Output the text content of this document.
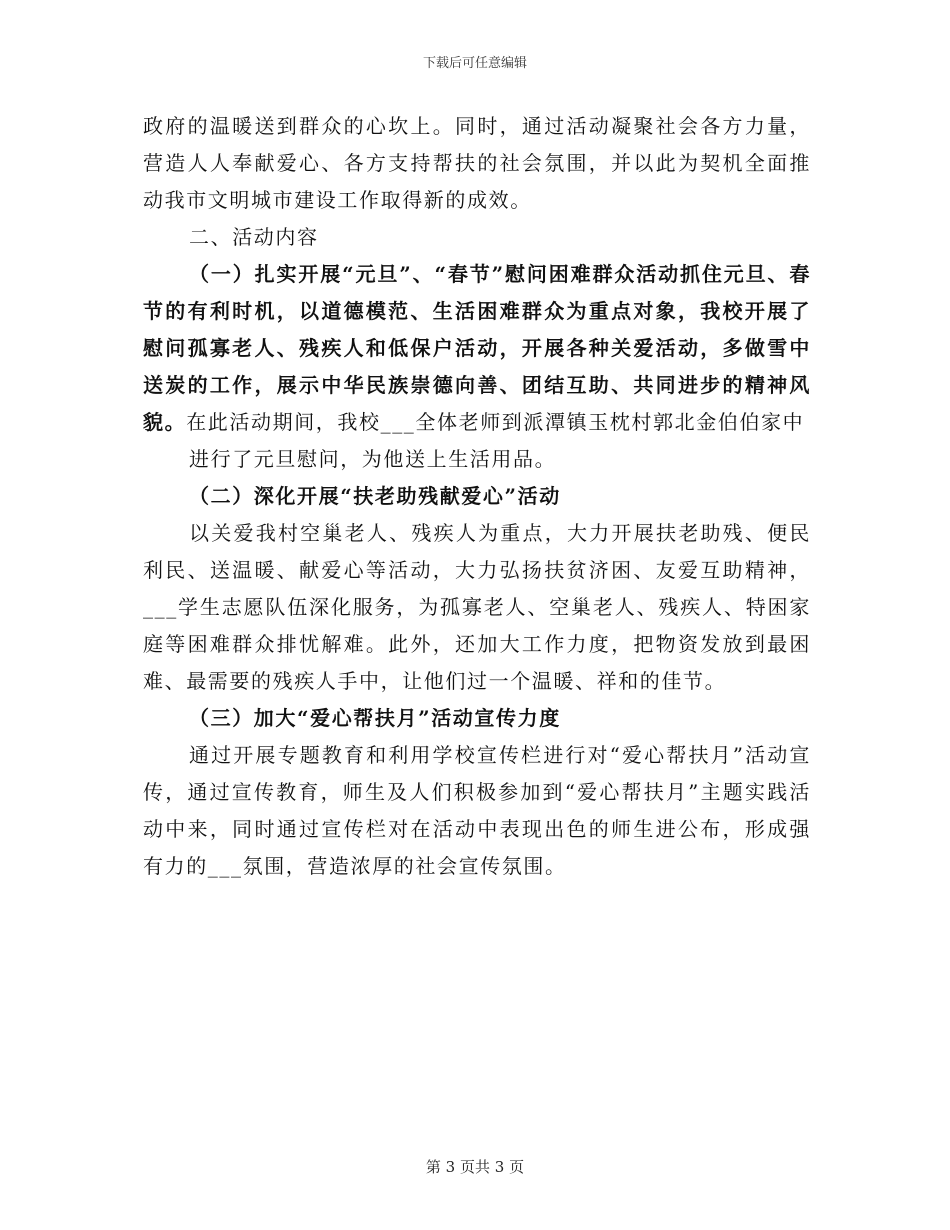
下载后可任意编辑

政府的温暖送到群众的心坎上。同时，通过活动凝聚社会各方力量，营造人人奉献爱心、各方支持帮扶的社会氛围，并以此为契机全面推动我市文明城市建设工作取得新的成效。

二、活动内容

（一）扎实开展“元旦”、“春节”慰问困难群众活动抓住元旦、春节的有利时机，以道德模范、生活困难群众为重点对象，我校开展了慰问孤寡老人、残疾人和低保户活动，开展各种关爱活动，多做雪中送炭的工作，展示中华民族崇德向善、团结互助、共同进步的精神风貌。在此活动期间，我校___全体老师到派潭镇玉枕村郭北金伯伯家中

进行了元旦慰问，为他送上生活用品。

（二）深化开展“扶老助残献爱心”活动

以关爱我村空巢老人、残疾人为重点，大力开展扶老助残、便民利民、送温暖、献爱心等活动，大力弘扬扶贫济困、友爱互助精神，___学生志愿队伍深化服务，为孤寡老人、空巢老人、残疾人、特困家庭等困难群众排忧解难。此外，还加大工作力度，把物资发放到最困难、最需要的残疾人手中，让他们过一个温暖、祥和的佳节。

（三）加大“爱心帮扶月”活动宣传力度

通过开展专题教育和利用学校宣传栏进行对“爱心帮扶月”活动宣传，通过宣传教育，师生及人们积极参加到“爱心帮扶月”主题实践活动中来，同时通过宣传栏对在活动中表现出色的师生进公布，形成强有力的___氛围，营造浓厚的社会宣传氛围。

第 3 页共 3 页
